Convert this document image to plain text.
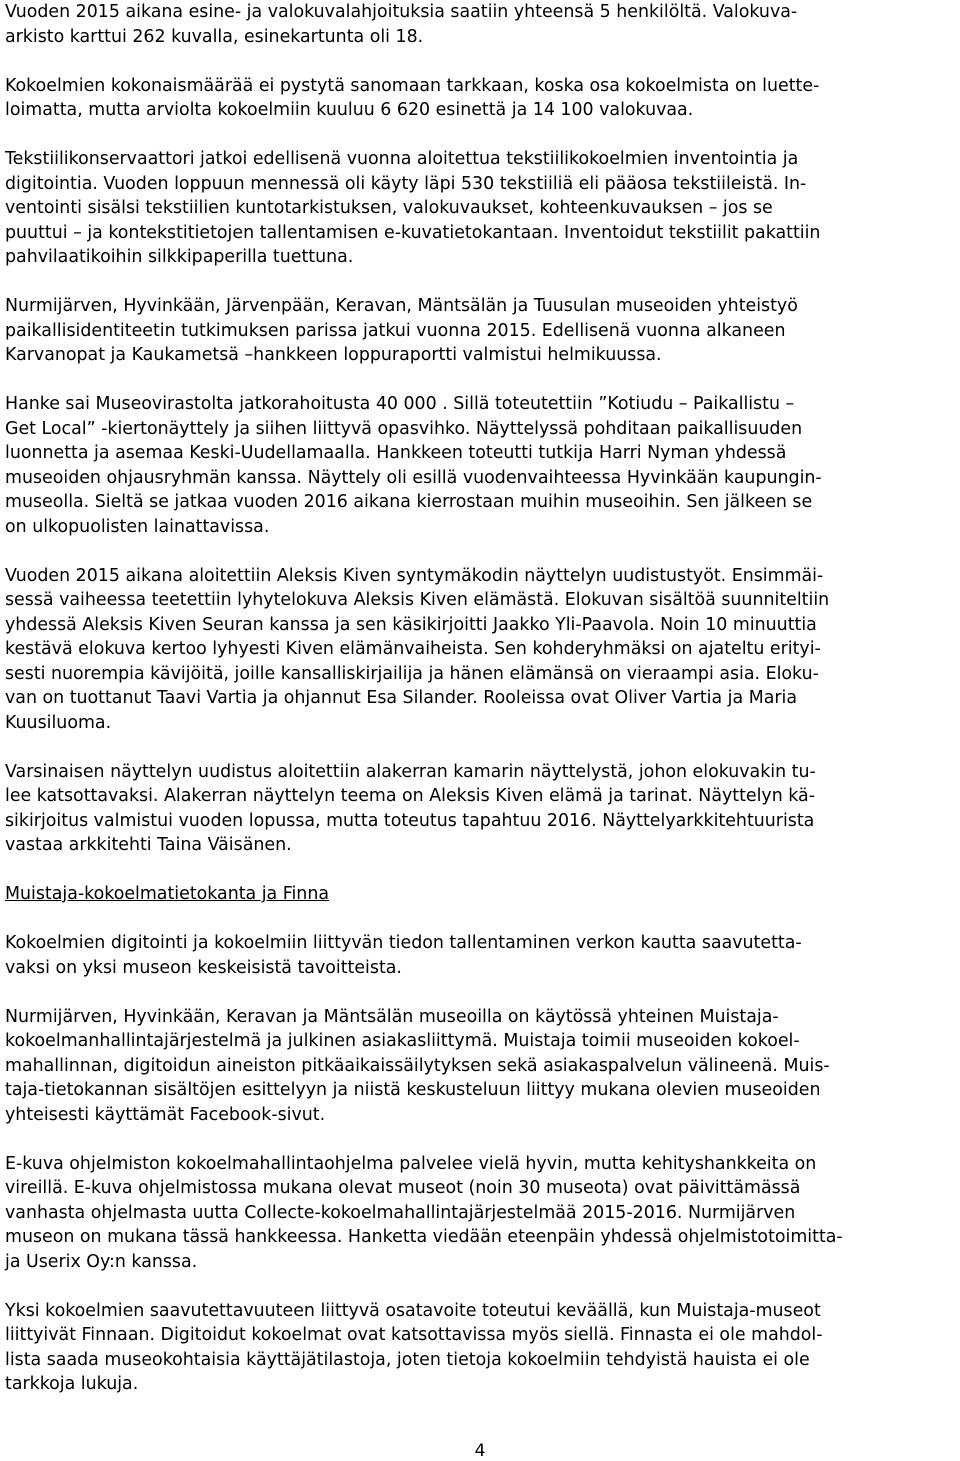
Vuoden 2015 aikana esine- ja valokuvalahjoituksia saatiin yhteensä 5 henkilöltä. Valokuva-
arkisto karttui 262 kuvalla, esinekartunta oli 18.

Kokoelmien kokonaismäärää ei pystytä sanomaan tarkkaan, koska osa kokoelmista on luette-
loimatta, mutta arviolta kokoelmiin kuuluu 6 620 esinettä ja 14 100 valokuvaa.

Tekstiilikonservaattori jatkoi edellisenä vuonna aloitettua tekstiilikokoelmien inventointia ja
digitointia. Vuoden loppuun mennessä oli käyty läpi 530 tekstiiliä eli pääosa tekstiileistä. In-
ventointi sisälsi tekstiilien kuntotarkistuksen, valokuvaukset, kohteenkuvauksen – jos se
puuttui – ja kontekstitietojen tallentamisen e-kuvatietokantaan. Inventoidut tekstiilit pakattiin
pahvilaatikoihin silkkipaperilla tuettuna.

Nurmijärven, Hyvinkään, Järvenpään, Keravan, Mäntsälän ja Tuusulan museoiden yhteistyö
paikallisidentiteetin tutkimuksen parissa jatkui vuonna 2015. Edellisenä vuonna alkaneen
Karvanopat ja Kaukametsä –hankkeen loppuraportti valmistui helmikuussa.

Hanke sai Museovirastolta jatkorahoitusta 40 000 . Sillä toteutettiin ”Kotiudu – Paikallistu –
Get Local” -kiertonäyttely ja siihen liittyvä opasvihko. Näyttelyssä pohditaan paikallisuuden
luonnetta ja asemaa Keski-Uudellamaalla. Hankkeen toteutti tutkija Harri Nyman yhdessä
museoiden ohjausryhmän kanssa. Näyttely oli esillä vuodenvaihteessa Hyvinkään kaupungin-
museolla. Sieltä se jatkaa vuoden 2016 aikana kierrostaan muihin museoihin. Sen jälkeen se
on ulkopuolisten lainattavissa.

Vuoden 2015 aikana aloitettiin Aleksis Kiven syntymäkodin näyttelyn uudistustyöt. Ensimmäi-
sessä vaiheessa teetettiin lyhytelokuva Aleksis Kiven elämästä. Elokuvan sisältöä suunniteltiin
yhdessä Aleksis Kiven Seuran kanssa ja sen käsikirjoitti Jaakko Yli-Paavola. Noin 10 minuuttia
kestävä elokuva kertoo lyhyesti Kiven elämänvaiheista. Sen kohderyhmäksi on ajateltu erityi-
sesti nuorempia kävijöitä, joille kansalliskirjailija ja hänen elämänsä on vieraampi asia. Eloku-
van on tuottanut Taavi Vartia ja ohjannut Esa Silander. Rooleissa ovat Oliver Vartia ja Maria
Kuusiluoma.

Varsinaisen näyttelyn uudistus aloitettiin alakerran kamarin näyttelystä, johon elokuvakin tu-
lee katsottavaksi. Alakerran näyttelyn teema on Aleksis Kiven elämä ja tarinat. Näyttelyn kä-
sikirjoitus valmistui vuoden lopussa, mutta toteutus tapahtuu 2016. Näyttelyarkkitehtuurista
vastaa arkkitehti Taina Väisänen.

Muistaja-kokoelmatietokanta ja Finna

Kokoelmien digitointi ja kokoelmiin liittyvän tiedon tallentaminen verkon kautta saavutetta-
vaksi on yksi museon keskeisistä tavoitteista.

Nurmijärven, Hyvinkään, Keravan ja Mäntsälän museoilla on käytössä yhteinen Muistaja-
kokoelmanhallintajärjestelmä ja julkinen asiakasliittymä. Muistaja toimii museoiden kokoel-
mahallinnan, digitoidun aineiston pitkäaikaissäilytyksen sekä asiakaspalvelun välineenä. Muis-
taja-tietokannan sisältöjen esittelyyn ja niistä keskusteluun liittyy mukana olevien museoiden
yhteisesti käyttämät Facebook-sivut.

E-kuva ohjelmiston kokoelmahallintaohjelma palvelee vielä hyvin, mutta kehityshankkeita on
vireillä. E-kuva ohjelmistossa mukana olevat museot (noin 30 museota) ovat päivittämässä
vanhasta ohjelmasta uutta Collecte-kokoelmahallintajärjestelmää 2015-2016. Nurmijärven
museon on mukana tässä hankkeessa. Hanketta viedään eteenpäin yhdessä ohjelmistotoimitta-
ja Userix Oy:n kanssa.

Yksi kokoelmien saavutettavuuteen liittyvä osatavoite toteutui keväällä, kun Muistaja-museot
liittyivät Finnaan. Digitoidut kokoelmat ovat katsottavissa myös siellä. Finnasta ei ole mahdol-
lista saada museokohtaisia käyttäjätilastoja, joten tietoja kokoelmiin tehdyistä hauista ei ole
tarkkoja lukuja.

4
